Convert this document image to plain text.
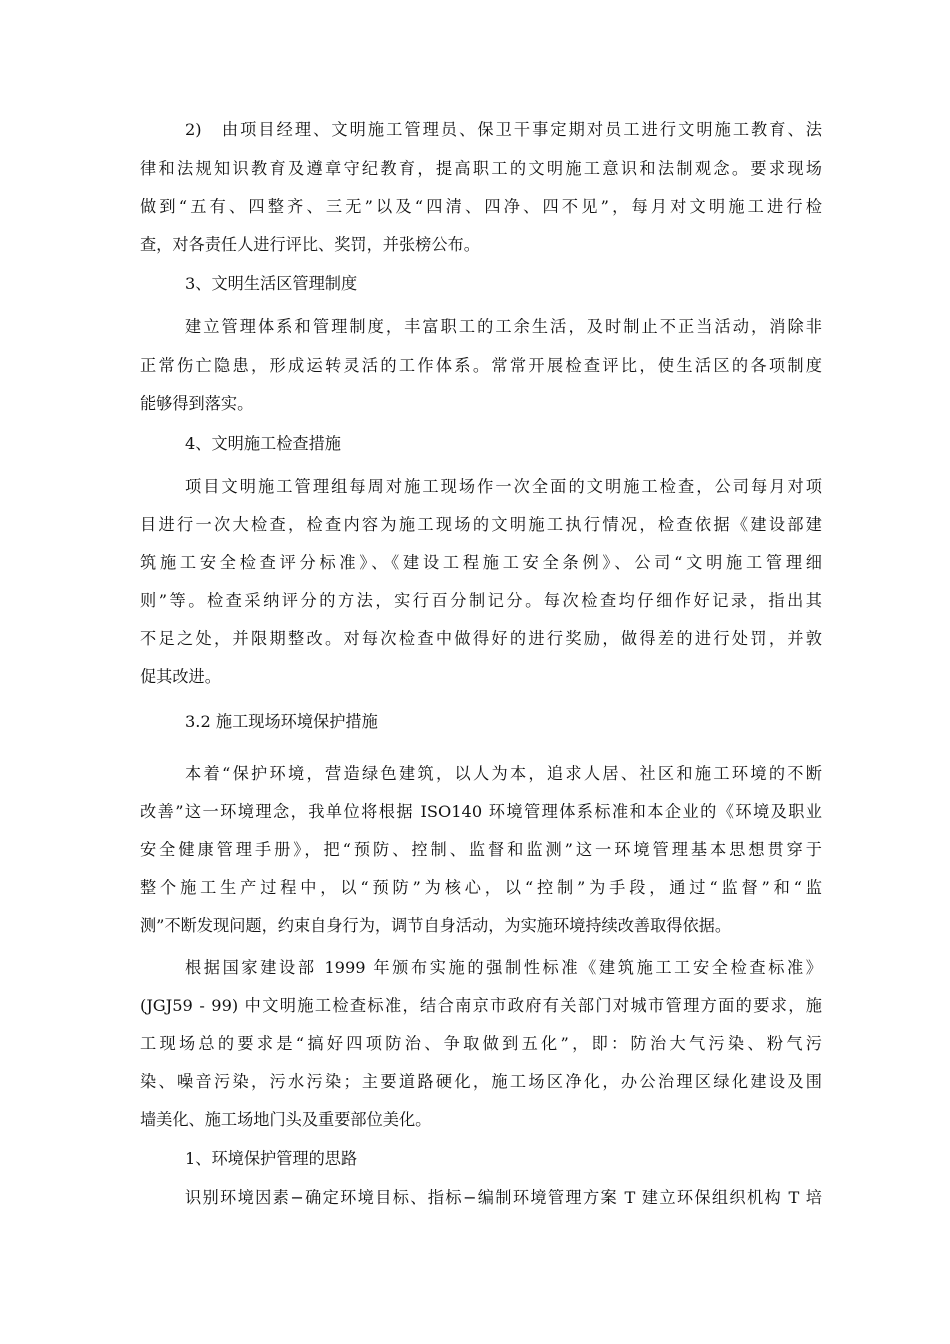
2)　由项目经理、文明施工管理员、保卫干事定期对员工进行文明施工教育、法
律和法规知识教育及遵章守纪教育，提高职工的文明施工意识和法制观念。要求现场
做到“五有、四整齐、三无”以及“四清、四净、四不见”，每月对文明施工进行检
查，对各责任人进行评比、奖罚，并张榜公布。
3、文明生活区管理制度
建立管理体系和管理制度，丰富职工的工余生活，及时制止不正当活动，消除非
正常伤亡隐患，形成运转灵活的工作体系。常常开展检查评比，使生活区的各项制度
能够得到落实。
4、文明施工检查措施
项目文明施工管理组每周对施工现场作一次全面的文明施工检查，公司每月对项
目进行一次大检查，检查内容为施工现场的文明施工执行情况，检查依据《建设部建
筑施工安全检查评分标准》、《建设工程施工安全条例》、公司“文明施工管理细
则”等。检查采纳评分的方法，实行百分制记分。每次检查均仔细作好记录，指出其
不足之处，并限期整改。对每次检查中做得好的进行奖励，做得差的进行处罚，并敦
促其改进。
3.2 施工现场环境保护措施
本着“保护环境，营造绿色建筑，以人为本，追求人居、社区和施工环境的不断
改善”这一环境理念，我单位将根据 ISO140 环境管理体系标准和本企业的《环境及职业
安全健康管理手册》，把“预防、控制、监督和监测”这一环境管理基本思想贯穿于
整个施工生产过程中，以“预防”为核心，以“控制”为手段，通过“监督”和“监
测”不断发现问题，约束自身行为，调节自身活动，为实施环境持续改善取得依据。
根据国家建设部 1999 年颁布实施的强制性标准《建筑施工工安全检查标准》
(JGJ59 - 99) 中文明施工检查标准，结合南京市政府有关部门对城市管理方面的要求，施
工现场总的要求是“搞好四项防治、争取做到五化”，即：防治大气污染、粉气污
染、噪音污染，污水污染；主要道路硬化，施工场区净化，办公治理区绿化建设及围
墙美化、施工场地门头及重要部位美化。
1、环境保护管理的思路
识别环境因素−确定环境目标、指标−编制环境管理方案 T 建立环保组织机构 T 培
